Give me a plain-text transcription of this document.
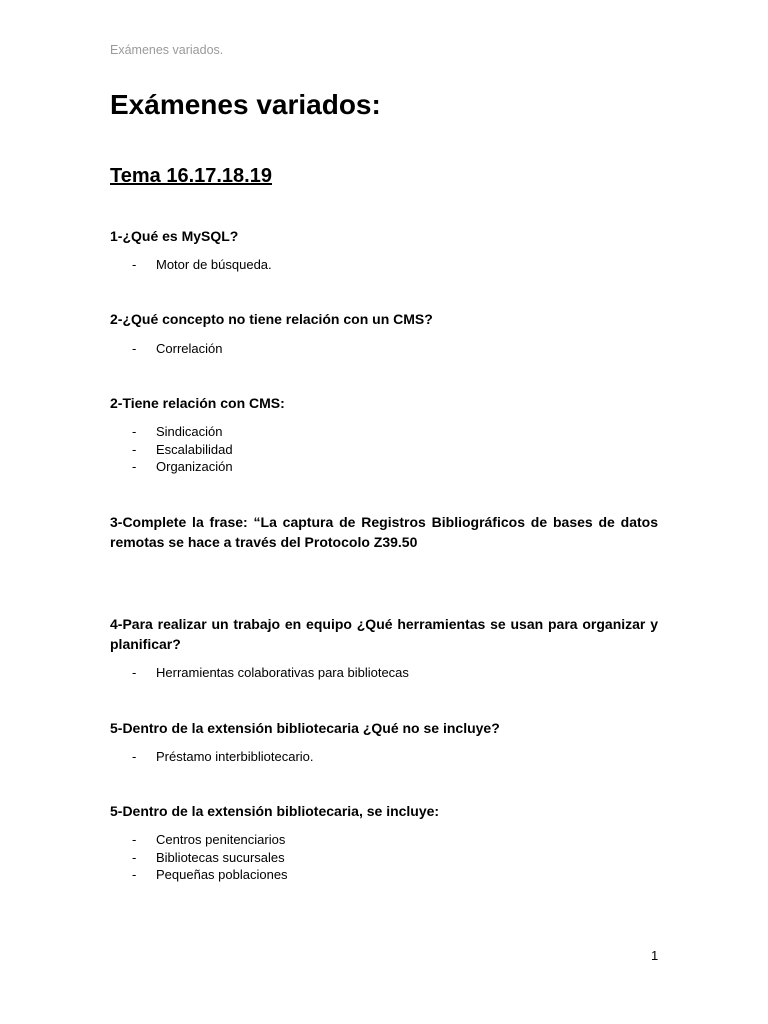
Exámenes variados.
Exámenes variados:
Tema 16.17.18.19

1-¿Qué es MySQL?

- Motor de búsqueda.

2-¿Qué concepto no tiene relación con un CMS?

- Correlación

2-Tiene relación con CMS:

- Sindicación
- Escalabilidad
- Organización

3-Complete la frase: “La captura de Registros Bibliográficos de bases de datos remotas se hace a través del Protocolo Z39.50

4-Para realizar un trabajo en equipo ¿Qué herramientas se usan para organizar y planificar?

- Herramientas colaborativas para bibliotecas

5-Dentro de la extensión bibliotecaria ¿Qué no se incluye?

- Préstamo interbibliotecario.

5-Dentro de la extensión bibliotecaria, se incluye:

- Centros penitenciarios
- Bibliotecas sucursales
- Pequeñas poblaciones
1
